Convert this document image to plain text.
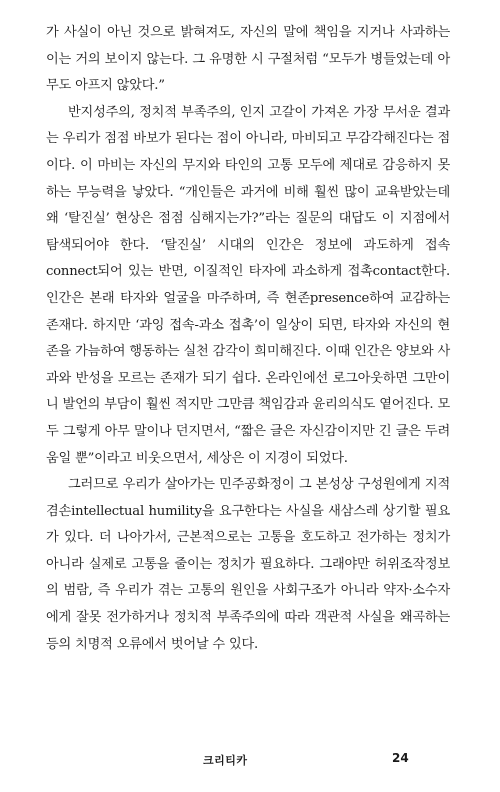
가 사실이 아닌 것으로 밝혀져도, 자신의 말에 책임을 지거나 사과하는 이는 거의 보이지 않는다. 그 유명한 시 구절처럼 “모두가 병들었는데 아무도 아프지 않았다.”

반지성주의, 정치적 부족주의, 인지 고갈이 가져온 가장 무서운 결과는 우리가 점점 바보가 된다는 점이 아니라, 마비되고 무감각해진다는 점이다. 이 마비는 자신의 무지와 타인의 고통 모두에 제대로 감응하지 못하는 무능력을 낳았다. “개인들은 과거에 비해 훨씬 많이 교육받았는데 왜 ‘탈진실’ 현상은 점점 심해지는가?”라는 질문의 대답도 이 지점에서 탐색되어야 한다. ‘탈진실’ 시대의 인간은 정보에 과도하게 접속connect되어 있는 반면, 이질적인 타자에 과소하게 접촉contact한다. 인간은 본래 타자와 얼굴을 마주하며, 즉 현존presence하여 교감하는 존재다. 하지만 ‘과잉 접속-과소 접촉’이 일상이 되면, 타자와 자신의 현존을 가늠하여 행동하는 실천 감각이 희미해진다. 이때 인간은 양보와 사과와 반성을 모르는 존재가 되기 쉽다. 온라인에선 로그아웃하면 그만이니 발언의 부담이 훨씬 적지만 그만큼 책임감과 윤리의식도 옅어진다. 모두 그렇게 아무 말이나 던지면서, “짧은 글은 자신감이지만 긴 글은 두려움일 뿐”이라고 비웃으면서, 세상은 이 지경이 되었다.

그러므로 우리가 살아가는 민주공화정이 그 본성상 구성원에게 지적 겸손intellectual humility을 요구한다는 사실을 새삼스레 상기할 필요가 있다. 더 나아가서, 근본적으로는 고통을 호도하고 전가하는 정치가 아니라 실제로 고통을 줄이는 정치가 필요하다. 그래야만 허위조작정보의 범람, 즉 우리가 겪는 고통의 원인을 사회구조가 아니라 약자·소수자에게 잘못 전가하거나 정치적 부족주의에 따라 객관적 사실을 왜곡하는 등의 치명적 오류에서 벗어날 수 있다.

크리티카	24
